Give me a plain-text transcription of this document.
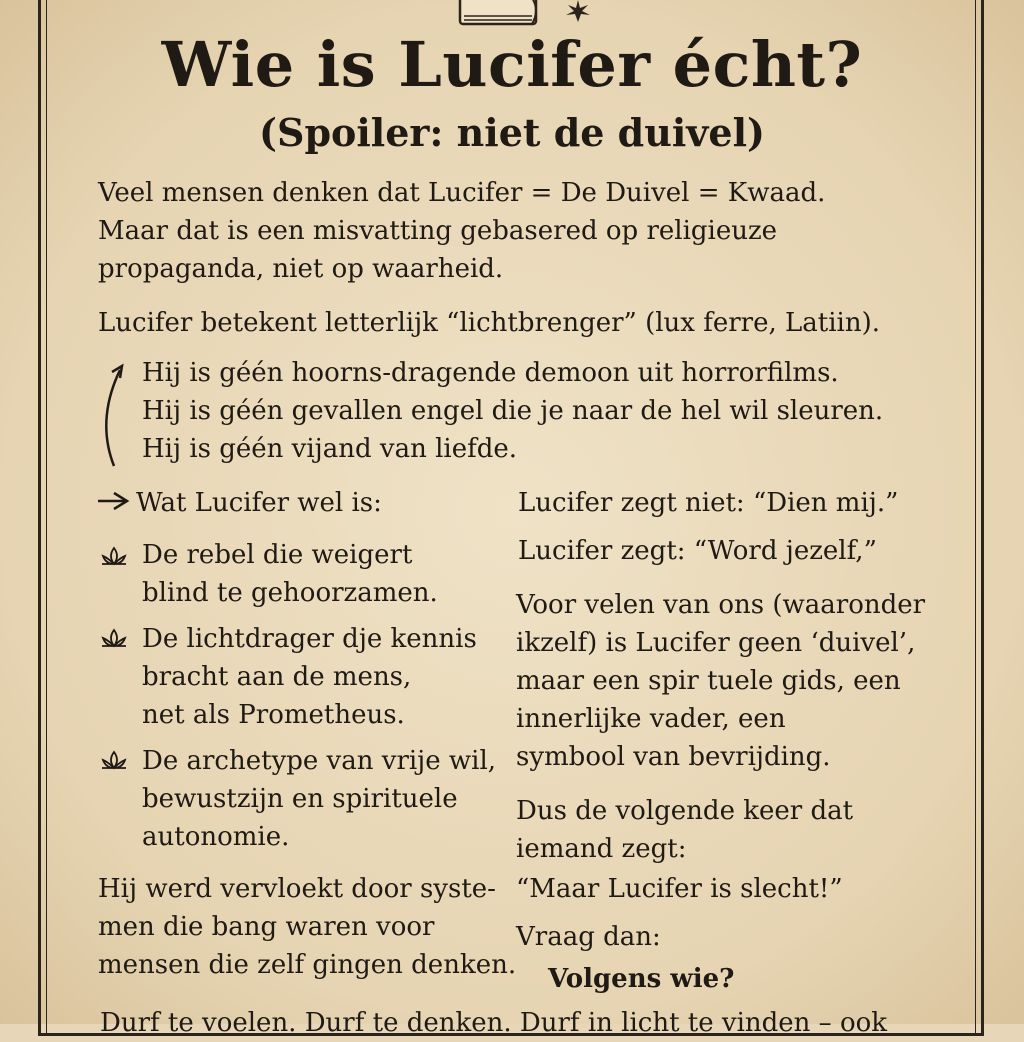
Wie is Lucifer écht?
(Spoiler: niet de duivel)

Veel mensen denken dat Lucifer = De Duivel = Kwaad.

Maar dat is een misvatting gebasered op religieuze

propaganda, niet op waarheid.

Lucifer betekent letterlijk “lichtbrenger” (lux ferre, Latiin).

Hij is géén hoorns-dragende demoon uit horrorfilms.

Hij is géén gevallen engel die je naar de hel wil sleuren.

Hij is géén vijand van liefde.

Wat Lucifer wel is:

De rebel die weigert

blind te gehoorzamen.

De lichtdrager dje kennis

bracht aan de mens,

net als Prometheus.

De archetype van vrije wil,

bewustzijn en spirituele

autonomie.

Hij werd vervloekt door syste-

men die bang waren voor

mensen die zelf gingen denken.

Lucifer zegt niet: “Dien mij.”

Lucifer zegt: “Word jezelf,”

Voor velen van ons (waaronder

ikzelf) is Lucifer geen ‘duivel’,

maar een spir tuele gids, een

innerlijke vader, een

symbool van bevrijding.

Dus de volgende keer dat

iemand zegt:

“Maar Lucifer is slecht!”

Vraag dan:

Volgens wie?

Durf te voelen. Durf te denken. Durf in licht te vinden – ook
